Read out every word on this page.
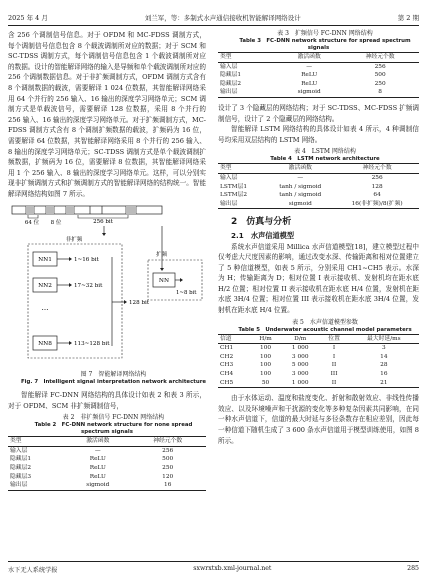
2025 年 4 月	刘兰军，等：多制式水声通信接收机智能解译网络设计	第 2 期

含 256 个调制信号信息。对于 OFDM 和 MC-FDSS 调制方式，每个调制信号信息包含 8 个载波调制所对应的数据；对于 SCM 和 SC-TDSS 调制方式，每个调制信号信息包含 1 个载波调制所对应的数据。设计的智能解译网络的输入是导频和单个载波调制所对应的 256 个调制数据信息。对于非扩频调制方式，OFDM 调制方式含有 8 个调制数据的载波，需要解译 1 024 位数据，其智能解译网络采用 64 个并行的 256 输入、16 输出的深度学习网络单元；SCM 调制方式是单载波信号，需要解译 128 位数据，采用 8 个并行的 256 输入、16 输出的深度学习网络单元。对于扩频调制方式，MC-FDSS 调制方式含有 8 个调制扩频数据的载波，扩频码为 16 位，需要解译 64 位数据，其智能解译网络采用 8 个并行的 256 输入、8 输出的深度学习网络单元；SC-TDSS 调制方式是单个载波调制扩频数据，扩频码为 16 位，需要解译 8 位数据，其智能解译网络采用 1 个 256 输入、8 输出的深度学习网络单元。这样，可以分别实现非扩频调制方式和扩频调制方式的智能解译网络的结构统一。智能解译网络结构如图 7 所示。

256 bit
64 位 8 位
非扩频
NN1	1~16 bit
NN2	17~32 bit
…
NN8	113~128 bit
128 bit
扩频
NN
1~8 bit

图 7　智能解译网络结构

Fig. 7　Intelligent signal interpretation network architecture

智能解译 FC-DNN 网络结构的具体设计如表 2 和表 3 所示，对于 OFDM、SCM 非扩频调制信号，

表 2　非扩频信号 FC-DNN 网络结构

Table 2　FC-DNN network structure for none spread spectrum signals

类型	激活函数	神经元个数
输入层	—	256
隐藏层1	ReLU	500
隐藏层2	ReLU	250
隐藏层3	ReLU	120
输出层	sigmoid	16

表 3　扩频信号 FC-DNN 网络结构

Table 3　FC-DNN network structure for spread spectrum signals

类型	激活函数	神经元个数
输入层	—	256
隐藏层1	ReLU	500
隐藏层2	ReLU	250
输出层	sigmoid	8

设计了 3 个隐藏层的网络结构；对于 SC-TDSS、MC-FDSS 扩频调制信号，设计了 2 个隐藏层的网络结构。

智能解译 LSTM 网络结构的具体设计如表 4 所示，4 种调制信号均采用双层结构的 LSTM 网络。

表 4　LSTM 网络结构

Table 4　LSTM network architecture

类型	激活函数	神经元个数
输入层	—	256
LSTM层1	tanh / sigmoid	128
LSTM层2	tanh / sigmoid	64
输出层	sigmoid	16(非扩频)/8(扩频)

2　仿真与分析

2.1　水声信道模型

系统水声信道采用 Millica 水声信道模型[18]，建立模型过程中仅考虑大尺度因素的影响，通过改变水深、传输距离和相对位置建立了 5 种信道模型，如表 5 所示，分别采用 CH1~CH5 表示。水深为 H；传输距离为 D；相对位置 I 表示接收机、发射机均在距水底 H/2 位置；相对位置 II 表示接收机在距水底 H/4 位置，发射机在距水底 3H/4 位置；相对位置 III 表示接收机在距水底 3H/4 位置，发射机在距水底 H/4 位置。

表 5　水声信道模型参数

Table 5　Underwater acoustic channel model parameters

信道	H/m	D/m	位置	最大时延/ms
CH1	100	1 000	I	3
CH2	100	3 000	I	14
CH3	100	5 000	II	28
CH4	100	3 000	III	16
CH5	50	1 000	II	21

由于水体运动、温度和盐度变化、折射和散射效应、非线性传播效应、以及环境噪声和干扰源的变化等多种复杂因素共同影响，在同一种水声信道下，信道的最大时延与多径条数存在相应差别，因此每一种信道下随机生成了 3 600 条水声信道用于模型训练使用，如图 8 所示。

水下无人系统学报	sxwrxtxb.xml-journal.net	285
